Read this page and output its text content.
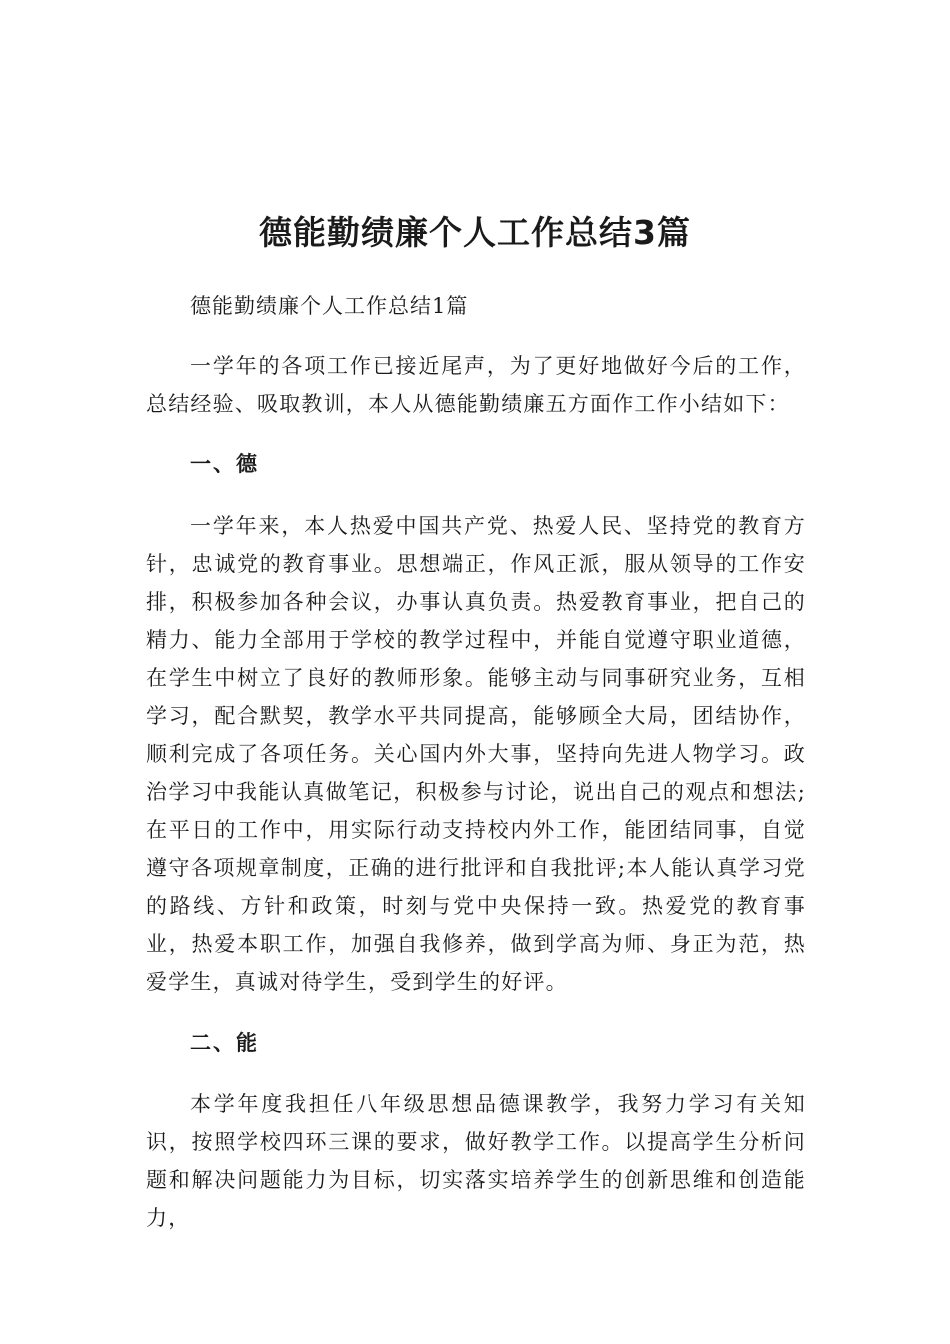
德能勤绩廉个人工作总结3篇

德能勤绩廉个人工作总结1篇

一学年的各项工作已接近尾声，为了更好地做好今后的工作，总结经验、吸取教训，本人从德能勤绩廉五方面作工作小结如下：

一、德

一学年来，本人热爱中国共产党、热爱人民、坚持党的教育方针，忠诚党的教育事业。思想端正，作风正派，服从领导的工作安排，积极参加各种会议，办事认真负责。热爱教育事业，把自己的精力、能力全部用于学校的教学过程中，并能自觉遵守职业道德，在学生中树立了良好的教师形象。能够主动与同事研究业务，互相学习，配合默契，教学水平共同提高，能够顾全大局，团结协作，顺利完成了各项任务。关心国内外大事，坚持向先进人物学习。政治学习中我能认真做笔记，积极参与讨论，说出自己的观点和想法;在平日的工作中，用实际行动支持校内外工作，能团结同事，自觉遵守各项规章制度，正确的进行批评和自我批评;本人能认真学习党的路线、方针和政策，时刻与党中央保持一致。热爱党的教育事业，热爱本职工作，加强自我修养，做到学高为师、身正为范，热爱学生，真诚对待学生，受到学生的好评。

二、能

本学年度我担任八年级思想品德课教学，我努力学习有关知识，按照学校四环三课的要求，做好教学工作。以提高学生分析问题和解决问题能力为目标，切实落实培养学生的创新思维和创造能力，
